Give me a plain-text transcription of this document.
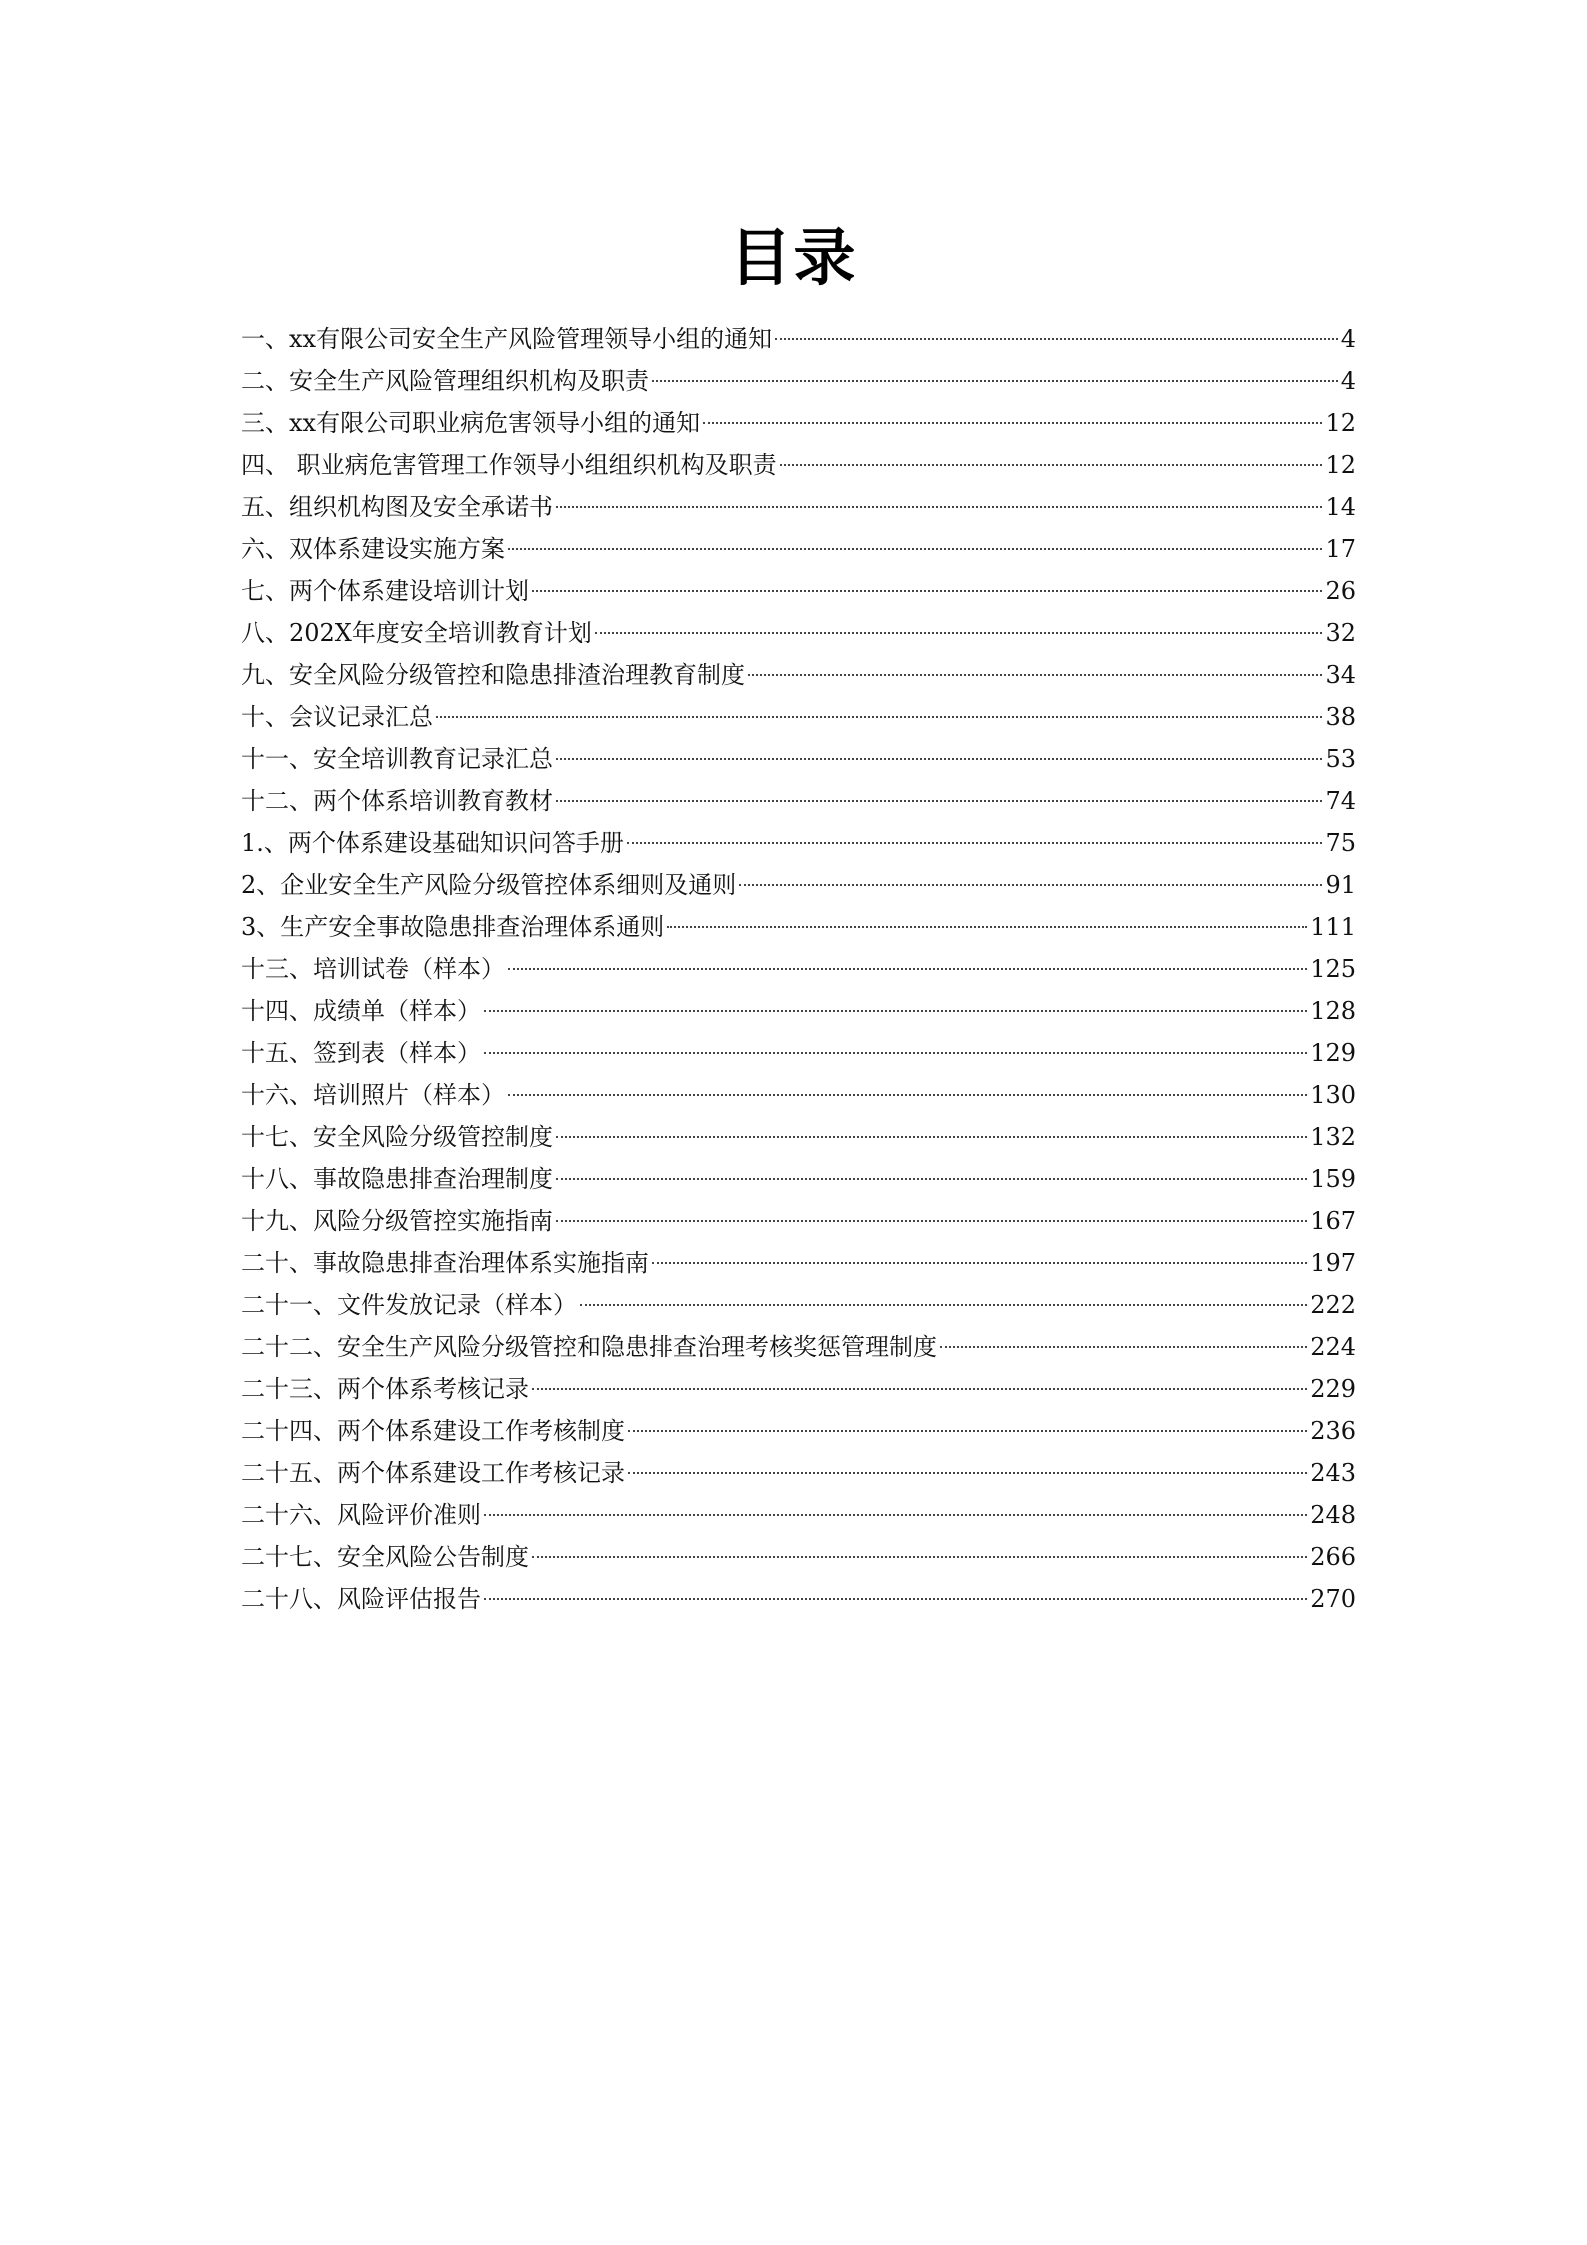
目录
一、xx有限公司安全生产风险管理领导小组的通知	4
二、安全生产风险管理组织机构及职责	4
三、xx有限公司职业病危害领导小组的通知	12
四、 职业病危害管理工作领导小组组织机构及职责	12
五、组织机构图及安全承诺书	14
六、双体系建设实施方案	17
七、两个体系建设培训计划	26
八、202X年度安全培训教育计划	32
九、安全风险分级管控和隐患排渣治理教育制度	34
十、会议记录汇总	38
十一、安全培训教育记录汇总	53
十二、两个体系培训教育教材	74
1.、两个体系建设基础知识问答手册	75
2、企业安全生产风险分级管控体系细则及通则	91
3、生产安全事故隐患排查治理体系通则	111
十三、培训试卷（样本）	125
十四、成绩单（样本）	128
十五、签到表（样本）	129
十六、培训照片（样本）	130
十七、安全风险分级管控制度	132
十八、事故隐患排查治理制度	159
十九、风险分级管控实施指南	167
二十、事故隐患排查治理体系实施指南	197
二十一、文件发放记录（样本）	222
二十二、安全生产风险分级管控和隐患排查治理考核奖惩管理制度	224
二十三、两个体系考核记录	229
二十四、两个体系建设工作考核制度	236
二十五、两个体系建设工作考核记录	243
二十六、风险评价准则	248
二十七、安全风险公告制度	266
二十八、风险评估报告	270
